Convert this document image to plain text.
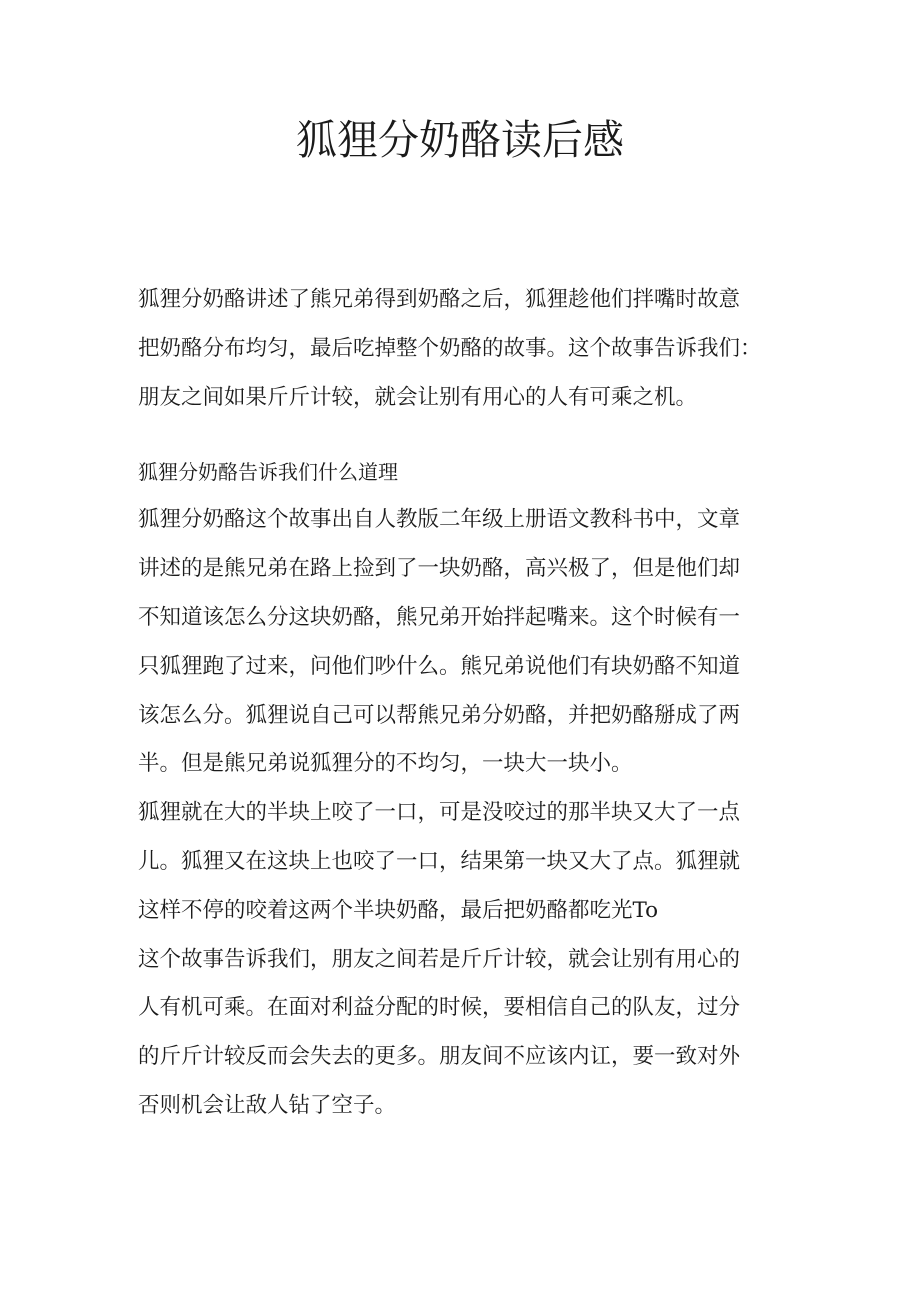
狐狸分奶酪读后感

狐狸分奶酪讲述了熊兄弟得到奶酪之后，狐狸趁他们拌嘴时故意
把奶酪分布均匀，最后吃掉整个奶酪的故事。这个故事告诉我们：
朋友之间如果斤斤计较，就会让别有用心的人有可乘之机。

狐狸分奶酪告诉我们什么道理

狐狸分奶酪这个故事出自人教版二年级上册语文教科书中，文章
讲述的是熊兄弟在路上捡到了一块奶酪，高兴极了，但是他们却
不知道该怎么分这块奶酪，熊兄弟开始拌起嘴来。这个时候有一
只狐狸跑了过来，问他们吵什么。熊兄弟说他们有块奶酪不知道
该怎么分。狐狸说自己可以帮熊兄弟分奶酪，并把奶酪掰成了两
半。但是熊兄弟说狐狸分的不均匀，一块大一块小。

狐狸就在大的半块上咬了一口，可是没咬过的那半块又大了一点
儿。狐狸又在这块上也咬了一口，结果第一块又大了点。狐狸就
这样不停的咬着这两个半块奶酪，最后把奶酪都吃光To

这个故事告诉我们，朋友之间若是斤斤计较，就会让别有用心的
人有机可乘。在面对利益分配的时候，要相信自己的队友，过分
的斤斤计较反而会失去的更多。朋友间不应该内讧，要一致对外
否则机会让敌人钻了空子。
